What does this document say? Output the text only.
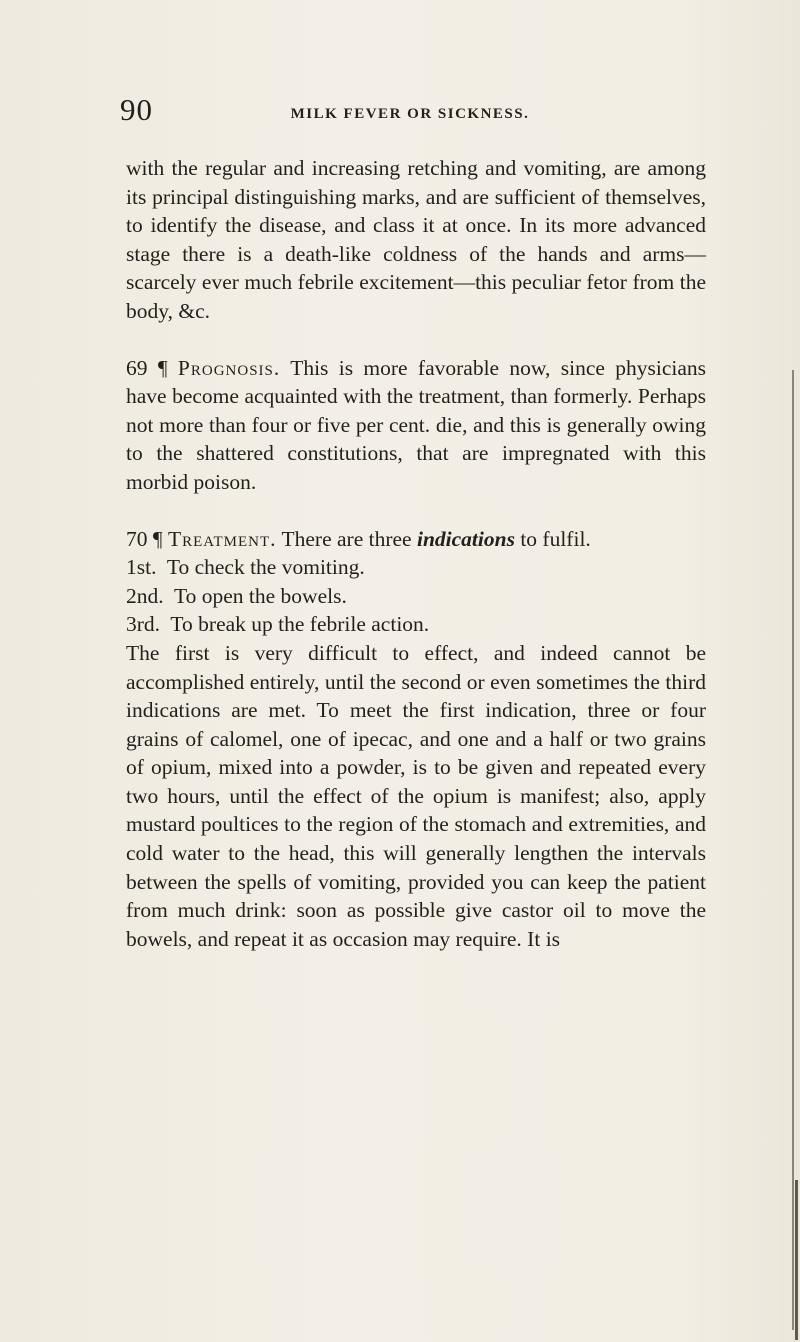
90	MILK FEVER OR SICKNESS.

with the regular and increasing retching and vomiting, are among its principal distinguishing marks, and are sufficient of themselves, to identify the disease, and class it at once. In its more advanced stage there is a death-like coldness of the hands and arms—scarcely ever much febrile excitement—this peculiar fetor from the body, &c.

69 ¶ Prognosis. This is more favorable now, since physicians have become acquainted with the treatment, than formerly. Perhaps not more than four or five per cent. die, and this is generally owing to the shattered constitutions, that are impregnated with this morbid poison.

70 ¶ Treatment. There are three indications to fulfil.

1st.  To check the vomiting.

2nd.  To open the bowels.

3rd.  To break up the febrile action.

The first is very difficult to effect, and indeed cannot be accomplished entirely, until the second or even sometimes the third indications are met. To meet the first indication, three or four grains of calomel, one of ipecac, and one and a half or two grains of opium, mixed into a powder, is to be given and repeated every two hours, until the effect of the opium is manifest; also, apply mustard poultices to the region of the stomach and extremities, and cold water to the head, this will generally lengthen the intervals between the spells of vomiting, provided you can keep the patient from much drink: soon as possible give castor oil to move the bowels, and repeat it as occasion may require. It is
